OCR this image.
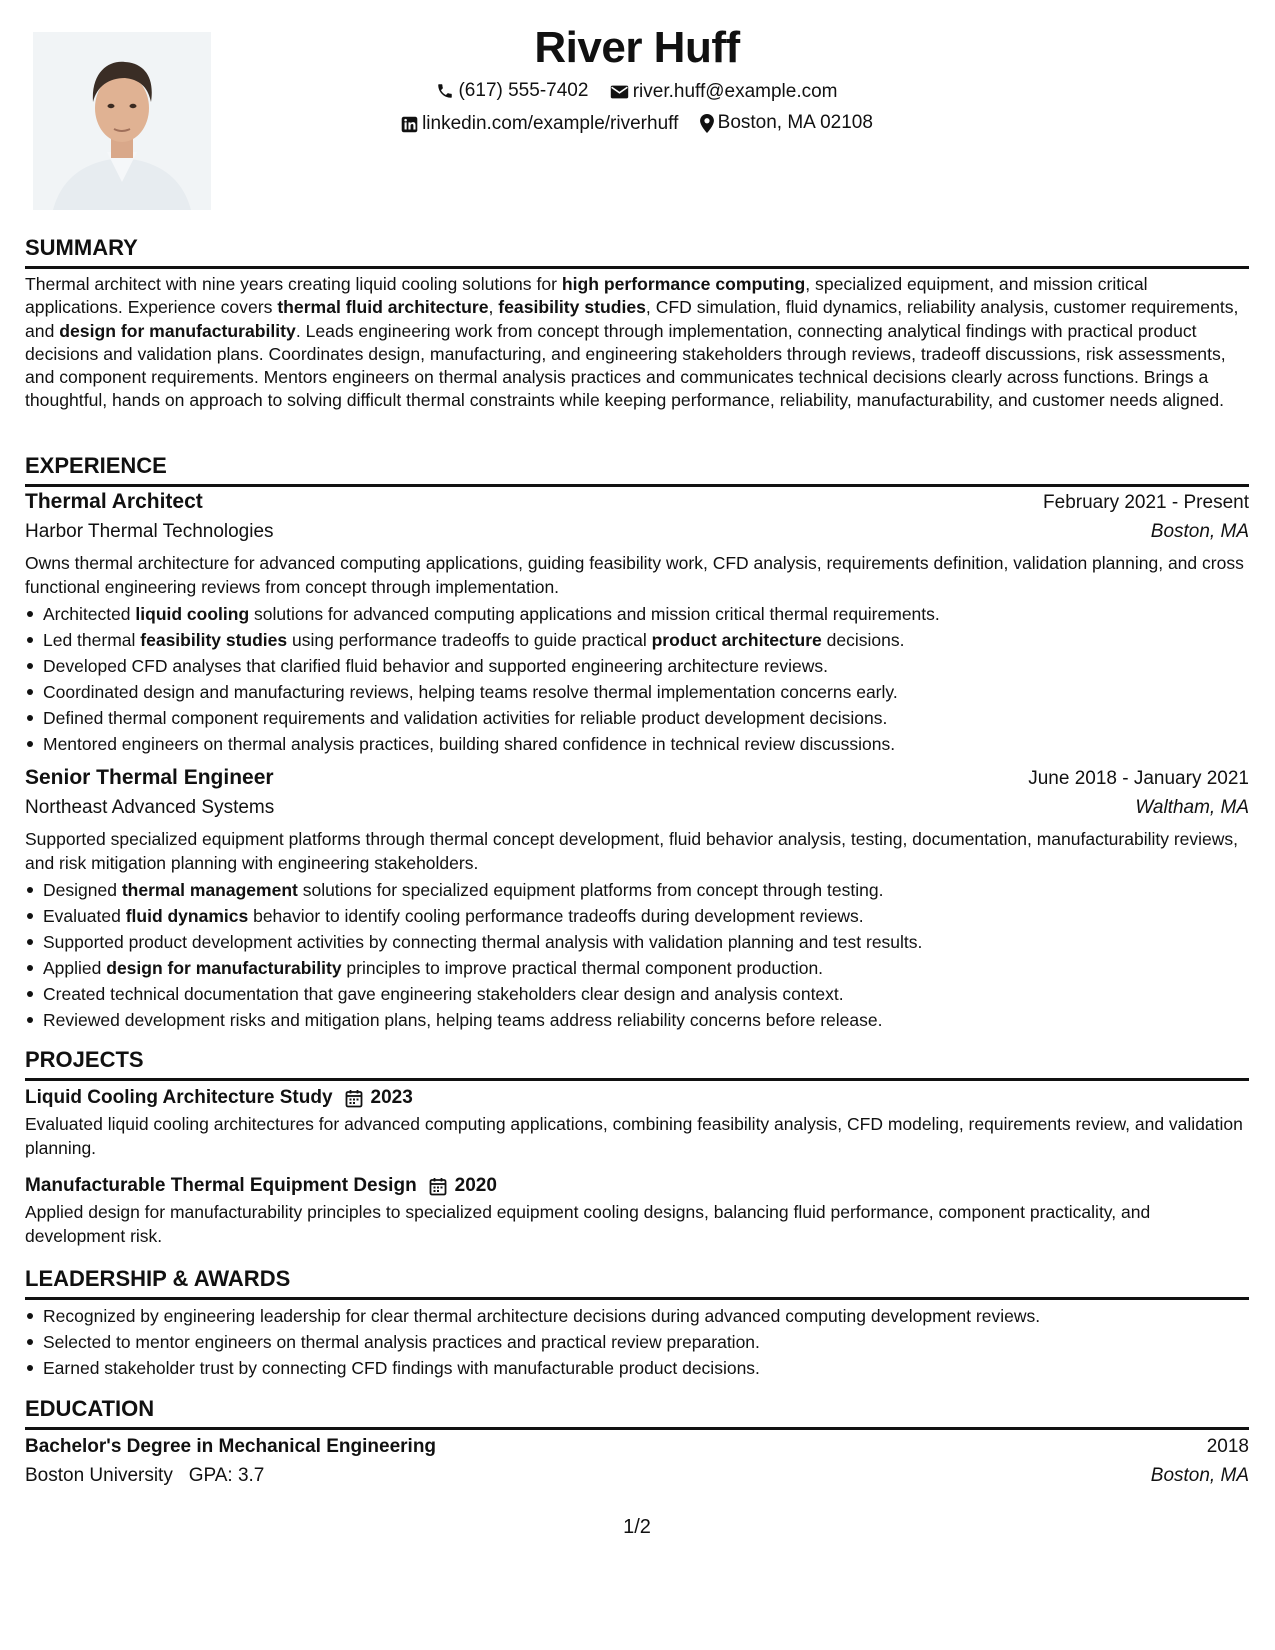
River Huff
(617) 555-7402
river.huff@example.com
linkedin.com/example/riverhuff
Boston, MA 02108
SUMMARY

Thermal architect with nine years creating liquid cooling solutions for high performance computing, specialized equipment, and mission critical applications. Experience covers thermal fluid architecture, feasibility studies, CFD simulation, fluid dynamics, reliability analysis, customer requirements, and design for manufacturability. Leads engineering work from concept through implementation, connecting analytical findings with practical product decisions and validation plans. Coordinates design, manufacturing, and engineering stakeholders through reviews, tradeoff discussions, risk assessments, and component requirements. Mentors engineers on thermal analysis practices and communicates technical decisions clearly across functions. Brings a thoughtful, hands on approach to solving difficult thermal constraints while keeping performance, reliability, manufacturability, and customer needs aligned.

EXPERIENCE
Thermal Architect	February 2021 - Present
Harbor Thermal Technologies	Boston, MA

Owns thermal architecture for advanced computing applications, guiding feasibility work, CFD analysis, requirements definition, validation planning, and cross functional engineering reviews from concept through implementation.

Architected liquid cooling solutions for advanced computing applications and mission critical thermal requirements.
Led thermal feasibility studies using performance tradeoffs to guide practical product architecture decisions.
Developed CFD analyses that clarified fluid behavior and supported engineering architecture reviews.
Coordinated design and manufacturing reviews, helping teams resolve thermal implementation concerns early.
Defined thermal component requirements and validation activities for reliable product development decisions.
Mentored engineers on thermal analysis practices, building shared confidence in technical review discussions.
Senior Thermal Engineer	June 2018 - January 2021
Northeast Advanced Systems	Waltham, MA

Supported specialized equipment platforms through thermal concept development, fluid behavior analysis, testing, documentation, manufacturability reviews, and risk mitigation planning with engineering stakeholders.

Designed thermal management solutions for specialized equipment platforms from concept through testing.
Evaluated fluid dynamics behavior to identify cooling performance tradeoffs during development reviews.
Supported product development activities by connecting thermal analysis with validation planning and test results.
Applied design for manufacturability principles to improve practical thermal component production.
Created technical documentation that gave engineering stakeholders clear design and analysis context.
Reviewed development risks and mitigation plans, helping teams address reliability concerns before release.
PROJECTS
Liquid Cooling Architecture Study 2023

Evaluated liquid cooling architectures for advanced computing applications, combining feasibility analysis, CFD modeling, requirements review, and validation planning.

Manufacturable Thermal Equipment Design 2020

Applied design for manufacturability principles to specialized equipment cooling designs, balancing fluid performance, component practicality, and development risk.

LEADERSHIP & AWARDS
Recognized by engineering leadership for clear thermal architecture decisions during advanced computing development reviews.
Selected to mentor engineers on thermal analysis practices and practical review preparation.
Earned stakeholder trust by connecting CFD findings with manufacturable product decisions.
EDUCATION
Bachelor's Degree in Mechanical Engineering	2018
Boston University GPA: 3.7	Boston, MA
1/2
